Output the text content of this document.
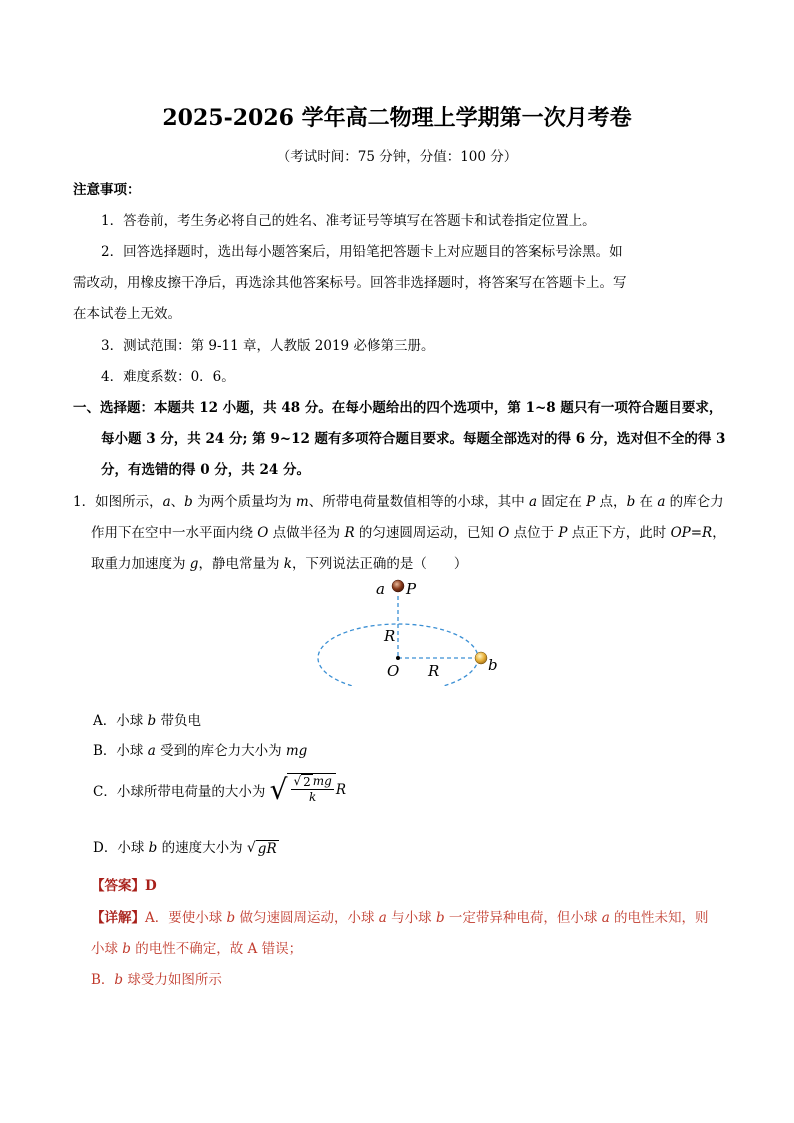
2025-2026 学年高二物理上学期第一次月考卷
（考试时间：75 分钟，分值：100 分）
注意事项：
1．答卷前，考生务必将自己的姓名、准考证号等填写在答题卡和试卷指定位置上。
2．回答选择题时，选出每小题答案后，用铅笔把答题卡上对应题目的答案标号涂黑。如
需改动，用橡皮擦干净后，再选涂其他答案标号。回答非选择题时，将答案写在答题卡上。写
在本试卷上无效。
3．测试范围：第 9-11 章，人教版 2019 必修第三册。
4．难度系数：0．6。
一、选择题：本题共 12 小题，共 48 分。在每小题给出的四个选项中，第 1~8 题只有一项符合题目要求，
每小题 3 分，共 24 分; 第 9~12 题有多项符合题目要求。每题全部选对的得 6 分，选对但不全的得 3
分，有选错的得 0 分，共 24 分。
1．如图所示，a、b 为两个质量均为 m、所带电荷量数值相等的小球，其中 a 固定在 P 点，b 在 a 的库仑力
作用下在空中一水平面内绕 O 点做半径为 R 的匀速圆周运动，已知 O 点位于 P 点正下方，此时 OP=R，
取重力加速度为 g，静电常量为 k，下列说法正确的是（　　）
a P
R
O R	b
A．小球 b 带负电
B．小球 a 受到的库仑力大小为 mg
C．小球所带电荷量的大小为 √ $\frac{√ 2 mg}{k}$ R
D．小球 b 的速度大小为 √ gR
【答案】D
【详解】A．要使小球 b 做匀速圆周运动，小球 a 与小球 b 一定带异种电荷，但小球 a 的电性未知，则
小球 b 的电性不确定，故 A 错误；
B．b 球受力如图所示
